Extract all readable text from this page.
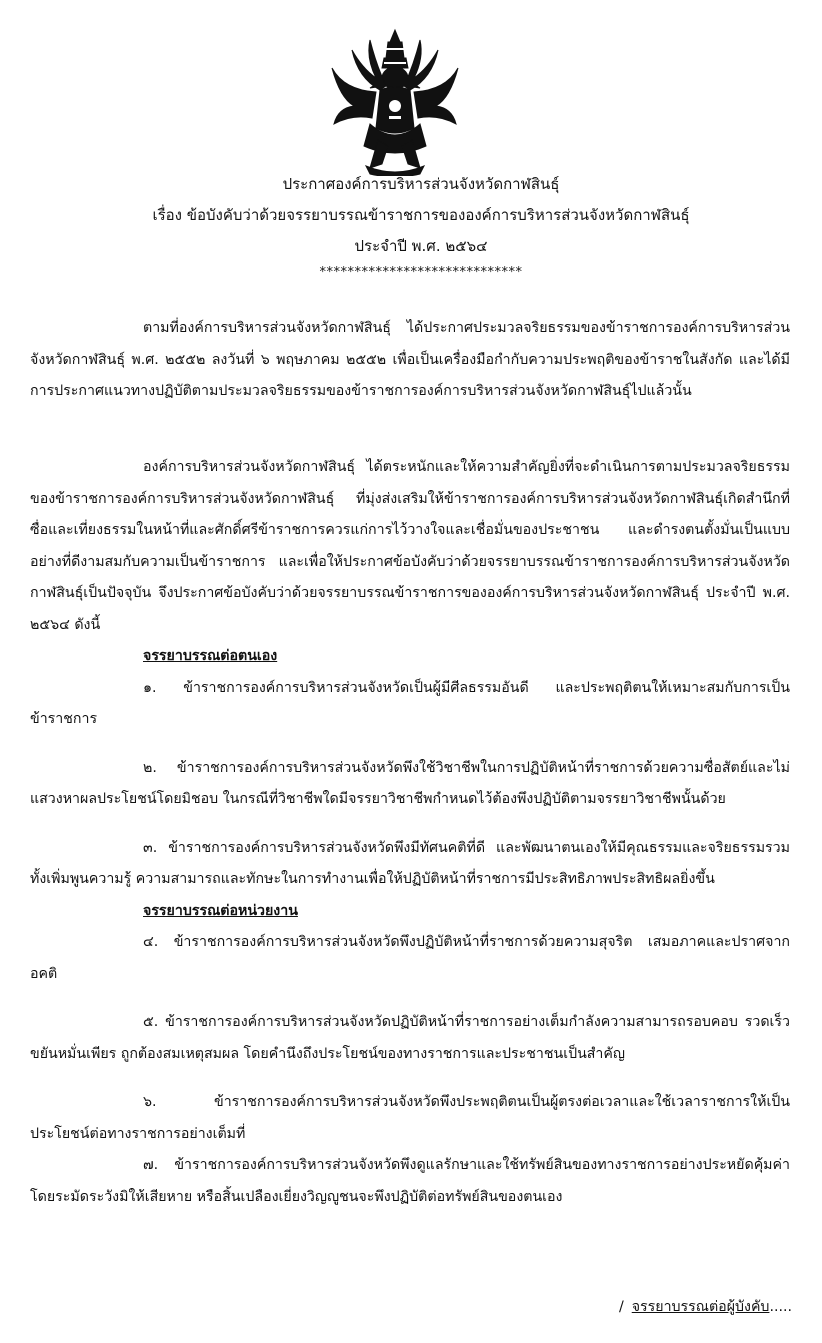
ประกาศองค์การบริหารส่วนจังหวัดกาฬสินธุ์
เรื่อง ข้อบังคับว่าด้วยจรรยาบรรณข้าราชการขององค์การบริหารส่วนจังหวัดกาฬสินธุ์
ประจำปี พ.ศ. ๒๕๖๔
*****************************

ตามที่องค์การบริหารส่วนจังหวัดกาฬสินธุ์ ได้ประกาศประมวลจริยธรรมของข้าราชการองค์การบริหารส่วนจังหวัดกาฬสินธุ์ พ.ศ. ๒๕๕๒ ลงวันที่ ๖ พฤษภาคม ๒๕๕๒ เพื่อเป็นเครื่องมือกำกับความประพฤติของข้าราชในสังกัด และได้มีการประกาศแนวทางปฏิบัติตามประมวลจริยธรรมของข้าราชการองค์การบริหารส่วนจังหวัดกาฬสินธุ์ไปแล้วนั้น

องค์การบริหารส่วนจังหวัดกาฬสินธุ์ ได้ตระหนักและให้ความสำคัญยิ่งที่จะดำเนินการตามประมวลจริยธรรมของข้าราชการองค์การบริหารส่วนจังหวัดกาฬสินธุ์ ที่มุ่งส่งเสริมให้ข้าราชการองค์การบริหารส่วนจังหวัดกาฬสินธุ์เกิดสำนึกที่ซื่อและเที่ยงธรรมในหน้าที่และศักดิ์ศรีข้าราชการควรแก่การไว้วางใจและเชื่อมั่นของประชาชน และดำรงตนตั้งมั่นเป็นแบบอย่างที่ดีงามสมกับความเป็นข้าราชการ และเพื่อให้ประกาศข้อบังคับว่าด้วยจรรยาบรรณข้าราชการองค์การบริหารส่วนจังหวัดกาฬสินธุ์เป็นปัจจุบัน จึงประกาศข้อบังคับว่าด้วยจรรยาบรรณข้าราชการขององค์การบริหารส่วนจังหวัดกาฬสินธุ์ ประจำปี พ.ศ. ๒๕๖๔ ดังนี้

จรรยาบรรณต่อตนเอง

๑. ข้าราชการองค์การบริหารส่วนจังหวัดเป็นผู้มีศีลธรรมอันดี และประพฤติตนให้เหมาะสมกับการเป็นข้าราชการ

๒. ข้าราชการองค์การบริหารส่วนจังหวัดพึงใช้วิชาชีพในการปฏิบัติหน้าที่ราชการด้วยความซื่อสัตย์และไม่แสวงหาผลประโยชน์โดยมิชอบ ในกรณีที่วิชาชีพใดมีจรรยาวิชาชีพกำหนดไว้ต้องพึงปฏิบัติตามจรรยาวิชาชีพนั้นด้วย

๓. ข้าราชการองค์การบริหารส่วนจังหวัดพึงมีทัศนคติที่ดี และพัฒนาตนเองให้มีคุณธรรมและจริยธรรมรวมทั้งเพิ่มพูนความรู้ ความสามารถและทักษะในการทำงานเพื่อให้ปฏิบัติหน้าที่ราชการมีประสิทธิภาพประสิทธิผลยิ่งขึ้น

จรรยาบรรณต่อหน่วยงาน

๔. ข้าราชการองค์การบริหารส่วนจังหวัดพึงปฏิบัติหน้าที่ราชการด้วยความสุจริต เสมอภาคและปราศจากอคติ

๕. ข้าราชการองค์การบริหารส่วนจังหวัดปฏิบัติหน้าที่ราชการอย่างเต็มกำลังความสามารถรอบคอบ รวดเร็ว ขยันหมั่นเพียร ถูกต้องสมเหตุสมผล โดยคำนึงถึงประโยชน์ของทางราชการและประชาชนเป็นสำคัญ

๖. ข้าราชการองค์การบริหารส่วนจังหวัดพึงประพฤติตนเป็นผู้ตรงต่อเวลาและใช้เวลาราชการให้เป็นประโยชน์ต่อทางราชการอย่างเต็มที่

๗. ข้าราชการองค์การบริหารส่วนจังหวัดพึงดูแลรักษาและใช้ทรัพย์สินของทางราชการอย่างประหยัดคุ้มค่า โดยระมัดระวังมิให้เสียหาย หรือสิ้นเปลืองเยี่ยงวิญญูชนจะพึงปฏิบัติต่อทรัพย์สินของตนเอง

/ จรรยาบรรณต่อผู้บังคับ.....
